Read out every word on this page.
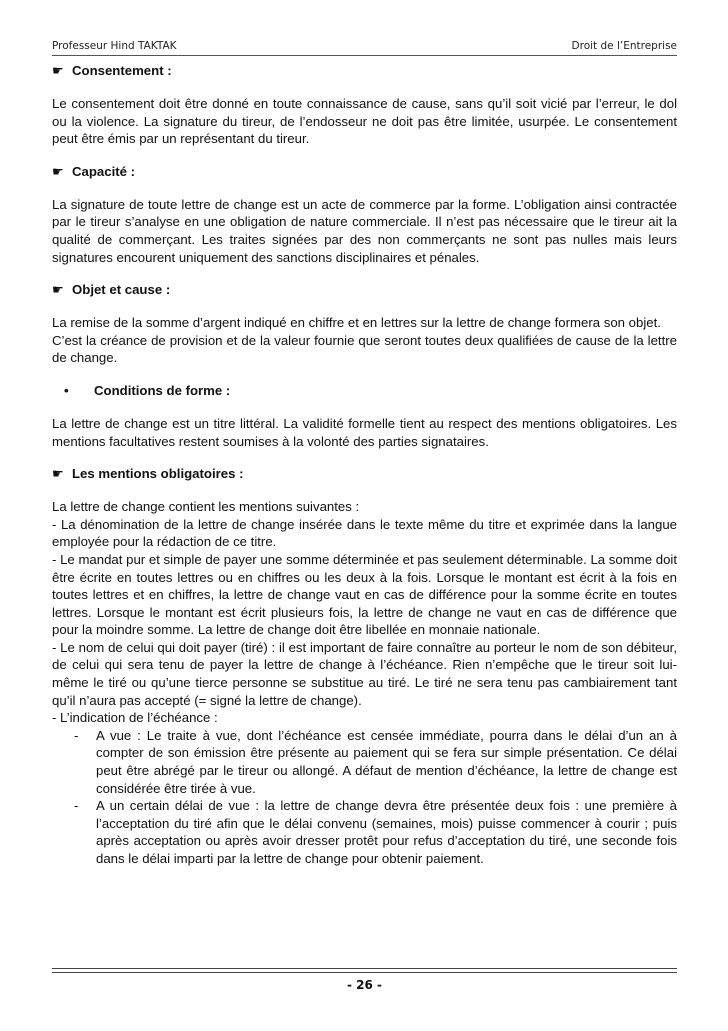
Professeur Hind TAKTAK	Droit de l’Entreprise
☛ Consentement :

Le consentement doit être donné en toute connaissance de cause, sans qu’il soit vicié par l’erreur, le dol ou la violence. La signature du tireur, de l’endosseur ne doit pas être limitée, usurpée. Le consentement peut être émis par un représentant du tireur.

☛ Capacité :

La signature de toute lettre de change est un acte de commerce par la forme. L’obligation ainsi contractée par le tireur s’analyse en une obligation de nature commerciale. Il n’est pas nécessaire que le tireur ait la qualité de commerçant. Les traites signées par des non commerçants ne sont pas nulles mais leurs signatures encourent uniquement des sanctions disciplinaires et pénales.

☛ Objet et cause :

La remise de la somme d’argent indiqué en chiffre et en lettres sur la lettre de change formera son objet.

C’est la créance de provision et de la valeur fournie que seront toutes deux qualifiées de cause de la lettre de change.

• Conditions de forme :

La lettre de change est un titre littéral. La validité formelle tient au respect des mentions obligatoires. Les mentions facultatives restent soumises à la volonté des parties signataires.

☛ Les mentions obligatoires :

La lettre de change contient les mentions suivantes :

- La dénomination de la lettre de change insérée dans le texte même du titre et exprimée dans la langue employée pour la rédaction de ce titre.

- Le mandat pur et simple de payer une somme déterminée et pas seulement déterminable. La somme doit être écrite en toutes lettres ou en chiffres ou les deux à la fois. Lorsque le montant est écrit à la fois en toutes lettres et en chiffres, la lettre de change vaut en cas de différence pour la somme écrite en toutes lettres. Lorsque le montant est écrit plusieurs fois, la lettre de change ne vaut en cas de différence que pour la moindre somme. La lettre de change doit être libellée en monnaie nationale.

- Le nom de celui qui doit payer (tiré) : il est important de faire connaître au porteur le nom de son débiteur, de celui qui sera tenu de payer la lettre de change à l’échéance. Rien n’empêche que le tireur soit lui-même le tiré ou qu’une tierce personne se substitue au tiré. Le tiré ne sera tenu pas cambiairement tant qu’il n’aura pas accepté (= signé la lettre de change).

- L’indication de l’échéance :

- A vue : Le traite à vue, dont l’échéance est censée immédiate, pourra dans le délai d’un an à compter de son émission être présente au paiement qui se fera sur simple présentation. Ce délai peut être abrégé par le tireur ou allongé. A défaut de mention d’échéance, la lettre de change est considérée être tirée à vue.
- A un certain délai de vue : la lettre de change devra être présentée deux fois : une première à l’acceptation du tiré afin que le délai convenu (semaines, mois) puisse commencer à courir ; puis après acceptation ou après avoir dresser protêt pour refus d’acceptation du tiré, une seconde fois dans le délai imparti par la lettre de change pour obtenir paiement.
- 26 -
